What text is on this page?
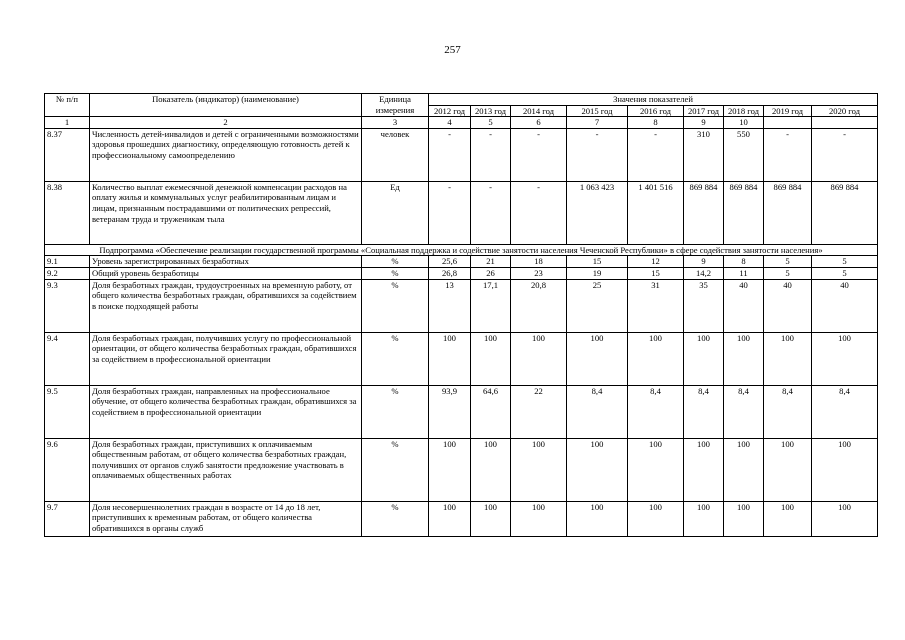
257
№ п/п	Показатель (индикатор) (наименование)	Единица измерения	Значения показателей								
			2012 год	2013 год	2014 год	2015 год	2016 год	2017 год	2018 год	2019 год	2020 год
1	2	3	4	5	6	7	8	9	10		
8.37	Численность детей-инвалидов и детей с ограниченными возможностями здоровья прошедших диагностику, определяющую готовность детей к профессиональному самоопределению	человек	-	-	-	-	-	310	550	-	-
8.38	Количество выплат ежемесячной денежной компенсации расходов на оплату жилья и коммунальных услуг реабилитированным лицам и лицам, признанным пострадавшими от политических репрессий, ветеранам труда и труженикам тыла	Ед	-	-	-	1 063 423	1 401 516	869 884	869 884	869 884	869 884
Подпрограмма «Обеспечение реализации государственной программы «Социальная поддержка и содействие занятости населения Чеченской Республики» в сфере содействия занятости населения»											
9.1	Уровень зарегистрированных безработных	%	25,6	21	18	15	12	9	8	5	5
9.2	Общий уровень безработицы	%	26,8	26	23	19	15	14,2	11	5	5
9.3	Доля безработных граждан, трудоустроенных на временную работу, от общего количества безработных граждан, обратившихся за содействием в поиске подходящей работы	%	13	17,1	20,8	25	31	35	40	40	40
9.4	Доля безработных граждан, получивших услугу по профессиональной ориентации, от общего количества безработных граждан, обратившихся за содействием в профессиональной ориентации	%	100	100	100	100	100	100	100	100	100
9.5	Доля безработных граждан, направленных на профессиональное обучение, от общего количества безработных граждан, обратившихся за содействием в профессиональной ориентации	%	93,9	64,6	22	8,4	8,4	8,4	8,4	8,4	8,4
9.6	Доля безработных граждан, приступивших к оплачиваемым общественным работам, от общего количества безработных граждан, получивших от органов служб занятости предложение участвовать в оплачиваемых общественных работах	%	100	100	100	100	100	100	100	100	100
9.7	Доля несовершеннолетних граждан в возрасте от 14 до 18 лет, приступивших к временным работам, от общего количества обратившихся в органы служб	%	100	100	100	100	100	100	100	100	100
